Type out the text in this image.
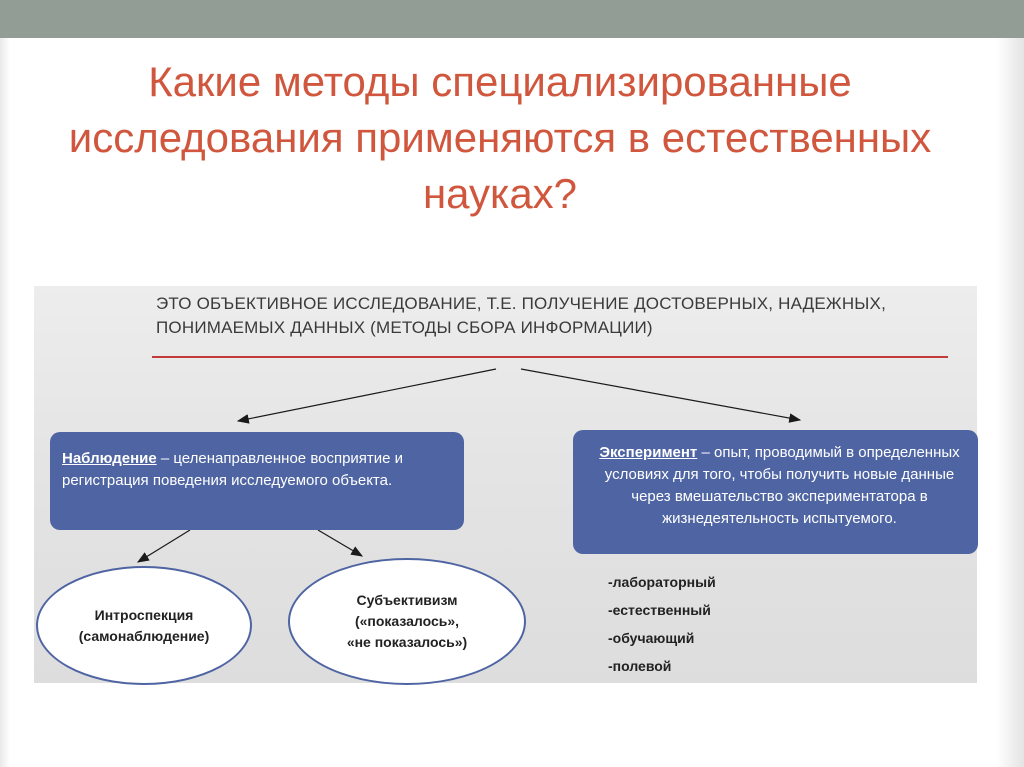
Какие методы специализированные исследования применяются в естественных науках?
ЭТО ОБЪЕКТИВНОЕ ИССЛЕДОВАНИЕ, Т.Е. ПОЛУЧЕНИЕ ДОСТОВЕРНЫХ, НАДЕЖНЫХ, ПОНИМАЕМЫХ ДАННЫХ (МЕТОДЫ СБОРА ИНФОРМАЦИИ)
Наблюдение – целенаправленное восприятие и регистрация поведения исследуемого объекта.
Эксперимент – опыт, проводимый в определенных условиях для того, чтобы получить новые данные через вмешательство экспериментатора в жизнедеятельность испытуемого.
Интроспекция
(самонаблюдение)
Субъективизм
(«показалось»,
«не показалось»)
-лабораторный
-естественный
-обучающий
-полевой
